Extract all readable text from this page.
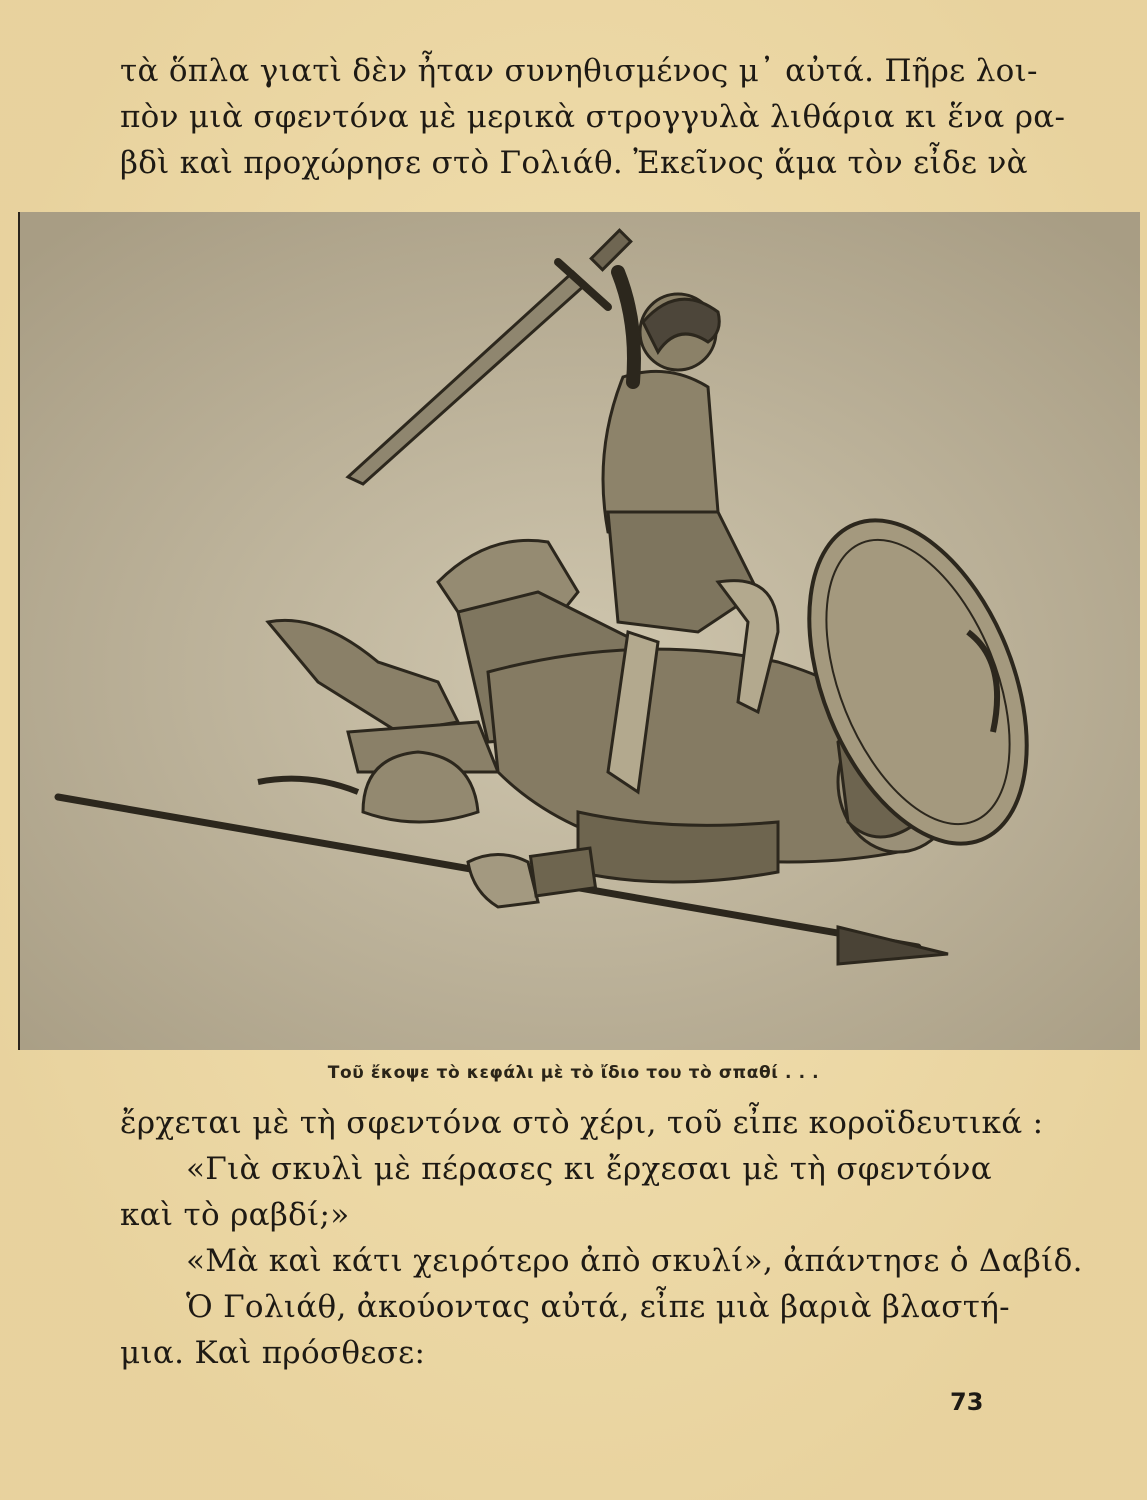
τὰ ὅπλα γιατὶ δὲν ἦταν συνηθισμένος μ᾿ αὐτά. Πῆρε λοι-
πὸν μιὰ σφεντόνα μὲ μερικὰ στρογγυλὰ λιθάρια κι ἕνα ρα-
βδὶ καὶ προχώρησε στὸ Γολιάθ. Ἐκεῖνος ἅμα τὸν εἶδε νὰ
Τοῦ ἔκοψε τὸ κεφάλι μὲ τὸ ἴδιο του τὸ σπαθί . . .
ἔρχεται μὲ τὴ σφεντόνα στὸ χέρι, τοῦ εἶπε κοροϊδευτικά :
«Γιὰ σκυλὶ μὲ πέρασες κι ἔρχεσαι μὲ τὴ σφεντόνα
καὶ τὸ ραβδί;»
«Μὰ καὶ κάτι χειρότερο ἀπὸ σκυλί», ἀπάντησε ὁ Δαβίδ.
Ὁ Γολιάθ, ἀκούοντας αὐτά, εἶπε μιὰ βαριὰ βλαστή-
μια. Καὶ πρόσθεσε:
73
